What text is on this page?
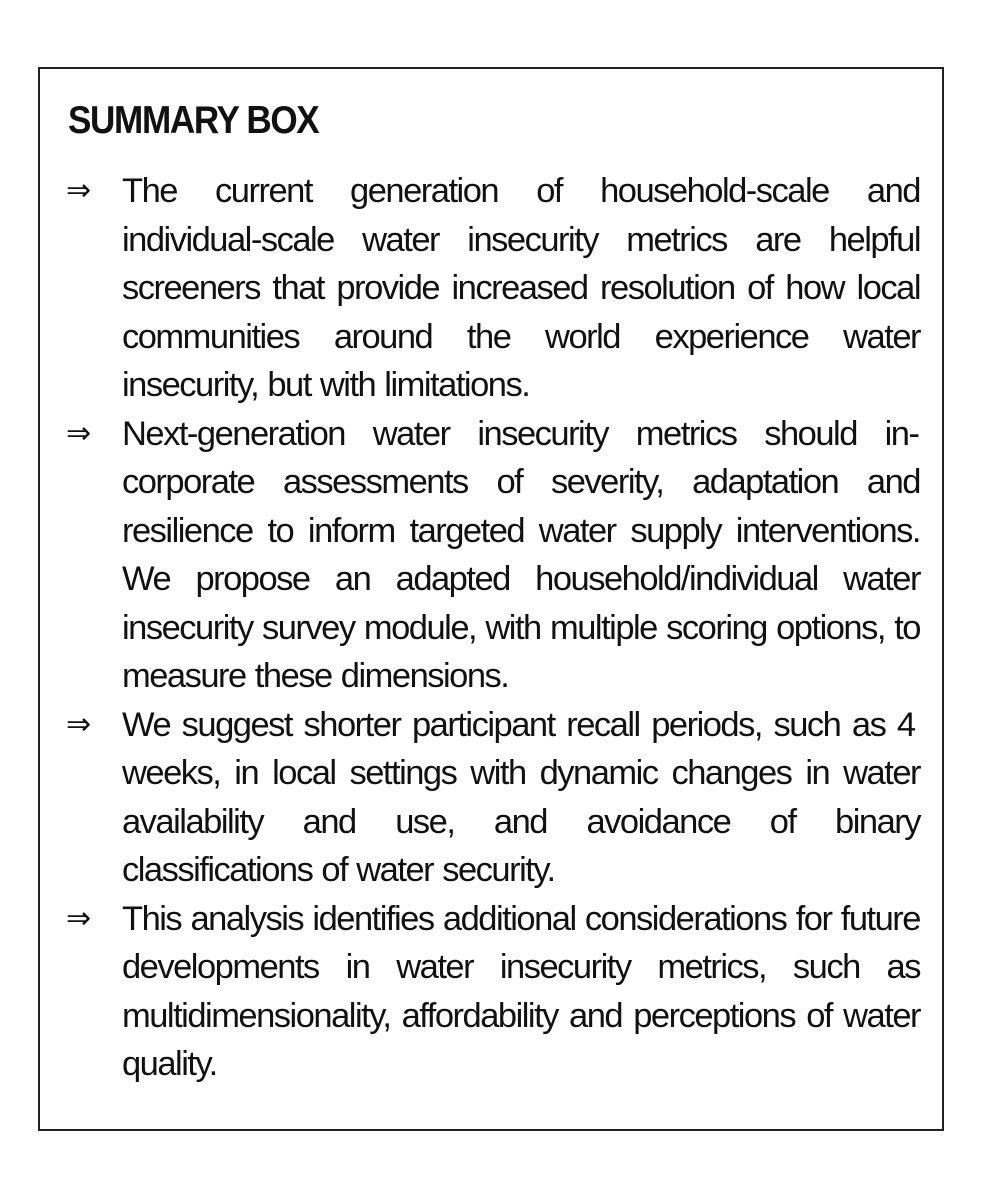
SUMMARY BOX
⇒ The current generation of household-scale and individual-scale water insecurity metrics are helpful screeners that provide increased resolution of how local communities around the world experience water insecurity, but with limitations.
⇒ Next-generation water insecurity metrics should incorporate assessments of severity, adaptation and resilience to inform targeted water supply interventions. We propose an adapted household/individual water insecurity survey module, with multiple scoring options, to measure these dimensions.
⇒ We suggest shorter participant recall periods, such as 4 weeks, in local settings with dynamic changes in water availability and use, and avoidance of binary classifications of water security.
⇒ This analysis identifies additional considerations for future developments in water insecurity metrics, such as multidimensionality, affordability and perceptions of water quality.
